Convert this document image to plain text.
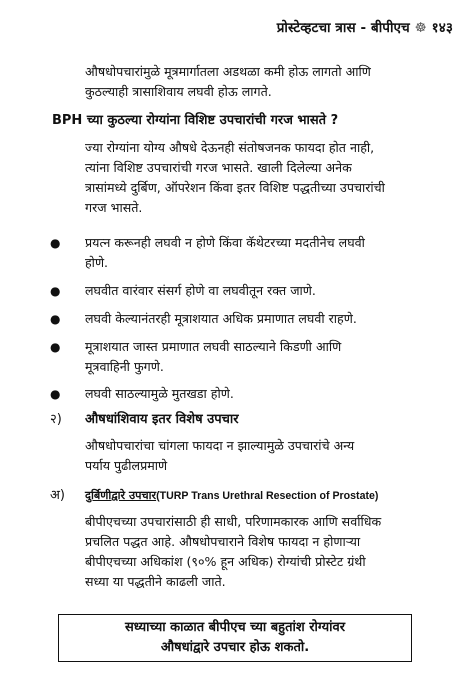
प्रोस्टेव्हटचा त्रास - बीपीएच ☸ १४३
औषधोपचारांमुळे मूत्रमार्गातला अडथळा कमी होऊ लागतो आणि
कुठल्याही त्रासाशिवाय लघवी होऊ लागते.
BPH च्या कुठल्या रोग्यांना विशिष्ट उपचारांची गरज भासते ?
ज्या रोग्यांना योग्य औषधे देऊनही संतोषजनक फायदा होत नाही,
त्यांना विशिष्ट उपचारांची गरज भासते. खाली दिलेल्या अनेक
त्रासांमध्ये दुर्बिण, ऑपरेशन किंवा इतर विशिष्ट पद्धतीच्या उपचारांची
गरज भासते.
● प्रयत्न करूनही लघवी न होणे किंवा कॅथेटरच्या मदतीनेच लघवी
होणे.
● लघवीत वारंवार संसर्ग होणे वा लघवीतून रक्त जाणे.
● लघवी केल्यानंतरही मूत्राशयात अधिक प्रमाणात लघवी राहणे.
● मूत्राशयात जास्त प्रमाणात लघवी साठल्याने किडणी आणि
मूत्रवाहिनी फुगणे.
● लघवी साठल्यामुळे मुतखडा होणे.
२) औषधांशिवाय इतर विशेष उपचार
औषधोपचारांचा चांगला फायदा न झाल्यामुळे उपचारांचे अन्य
पर्याय पुढीलप्रमाणे
अ) दुर्बिणीद्वारे उपचार(TURP Trans Urethral Resection of Prostate)
बीपीएचच्या उपचारांसाठी ही साधी, परिणामकारक आणि सर्वाधिक
प्रचलित पद्धत आहे. औषधोपचाराने विशेष फायदा न होणाऱ्या
बीपीएचच्या अधिकांश (९०% हून अधिक) रोग्यांची प्रोस्टेट ग्रंथी
सध्या या पद्धतीने काढली जाते.
सध्याच्या काळात बीपीएच च्या बहुतांश रोग्यांवर
औषधांद्वारे उपचार होऊ शकतो.
